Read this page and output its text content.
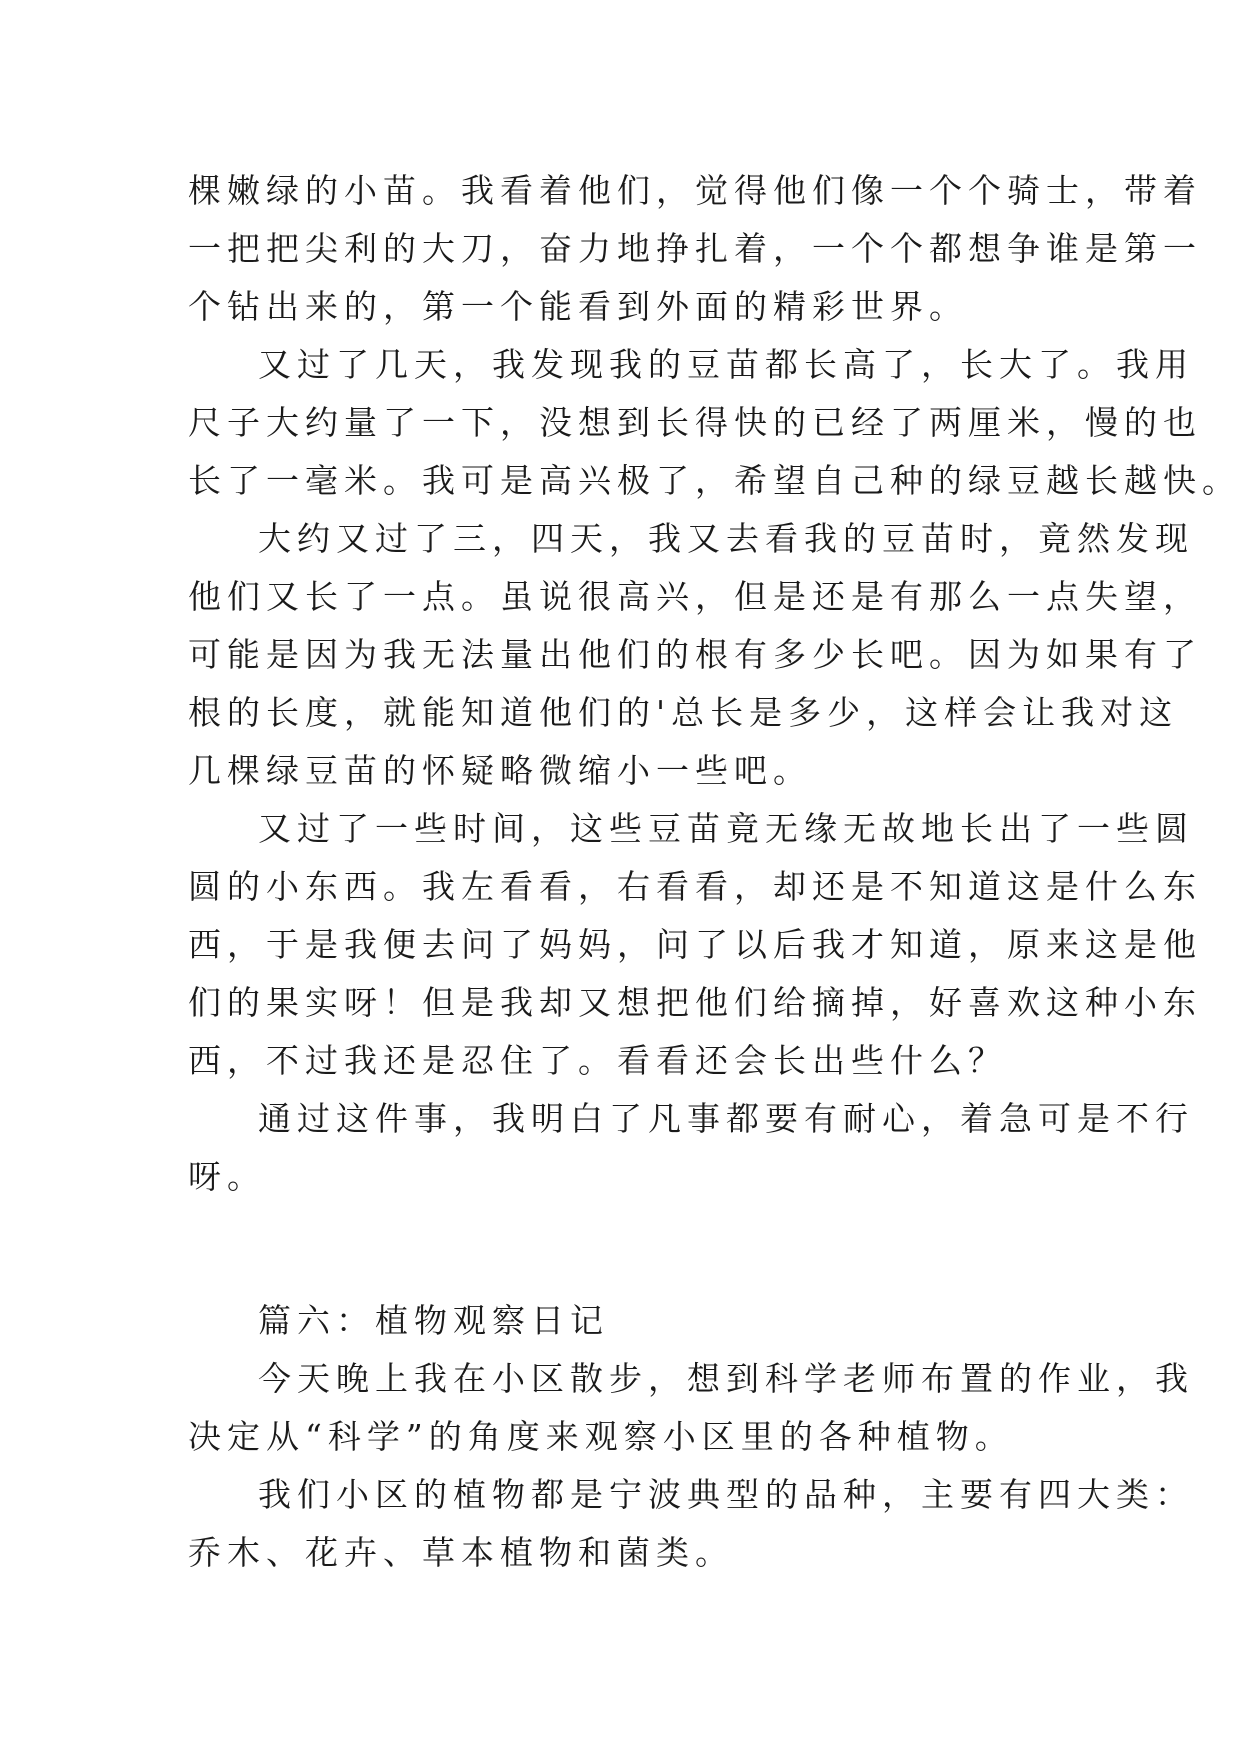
棵嫩绿的小苗。我看着他们，觉得他们像一个个骑士，带着
一把把尖利的大刀，奋力地挣扎着，一个个都想争谁是第一
个钻出来的，第一个能看到外面的精彩世界。
又过了几天，我发现我的豆苗都长高了，长大了。我用
尺子大约量了一下，没想到长得快的已经了两厘米，慢的也
长了一毫米。我可是高兴极了，希望自己种的绿豆越长越快。
大约又过了三，四天，我又去看我的豆苗时，竟然发现
他们又长了一点。虽说很高兴，但是还是有那么一点失望，
可能是因为我无法量出他们的根有多少长吧。因为如果有了
根的长度，就能知道他们的'总长是多少，这样会让我对这
几棵绿豆苗的怀疑略微缩小一些吧。
又过了一些时间，这些豆苗竟无缘无故地长出了一些圆
圆的小东西。我左看看，右看看，却还是不知道这是什么东
西，于是我便去问了妈妈，问了以后我才知道，原来这是他
们的果实呀！但是我却又想把他们给摘掉，好喜欢这种小东
西，不过我还是忍住了。看看还会长出些什么？
通过这件事，我明白了凡事都要有耐心，着急可是不行
呀。
篇六：植物观察日记
今天晚上我在小区散步，想到科学老师布置的作业，我
决定从“科学”的角度来观察小区里的各种植物。
我们小区的植物都是宁波典型的品种，主要有四大类：
乔木、花卉、草本植物和菌类。
